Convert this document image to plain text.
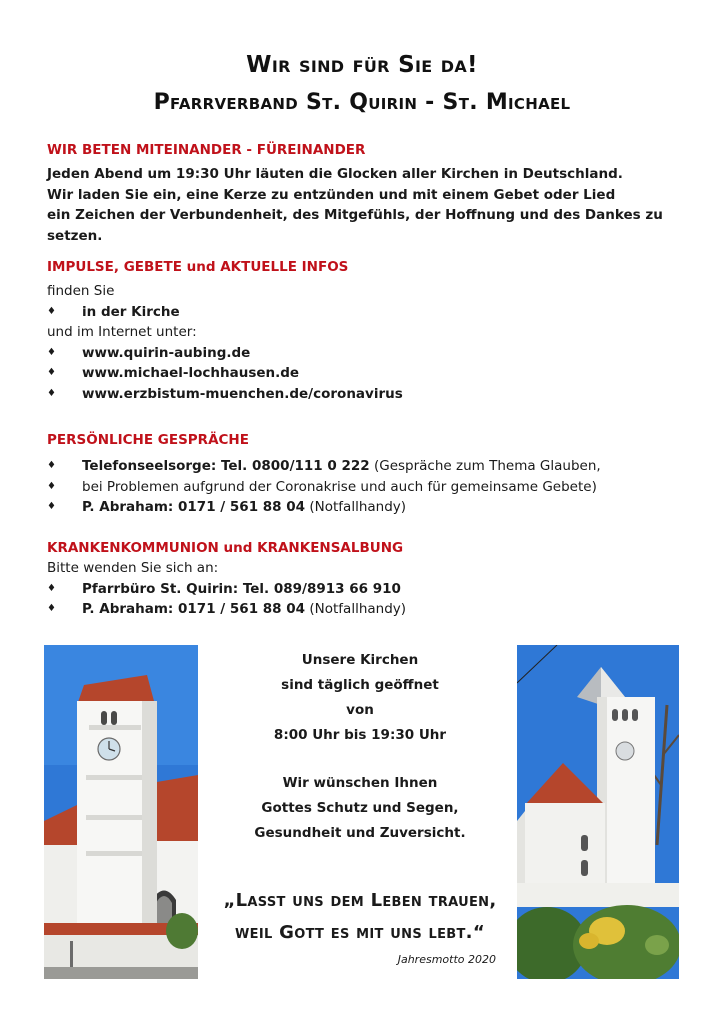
Wir sind für Sie da!
Pfarrverband St. Quirin - St. Michael
WIR BETEN MITEINANDER - FÜREINANDER
Jeden Abend um 19:30 Uhr läuten die Glocken aller Kirchen in Deutschland.
Wir laden Sie ein, eine Kerze zu entzünden und mit einem Gebet oder Lied
ein Zeichen der Verbundenheit, des Mitgefühls, der Hoffnung und des Dankes zu setzen.
IMPULSE, GEBETE und AKTUELLE INFOS
finden Sie
♦ in der Kirche
und im Internet unter:
♦ www.quirin-aubing.de
♦ www.michael-lochhausen.de
♦ www.erzbistum-muenchen.de/coronavirus
PERSÖNLICHE GESPRÄCHE
♦ Telefonseelsorge: Tel. 0800/111 0 222 (Gespräche zum Thema Glauben,
♦ bei Problemen aufgrund der Coronakrise und auch für gemeinsame Gebete)
♦ P. Abraham: 0171 / 561 88 04 (Notfallhandy)
KRANKENKOMMUNION und KRANKENSALBUNG
Bitte wenden Sie sich an:
♦ Pfarrbüro St. Quirin: Tel. 089/8913 66 910
♦ P. Abraham: 0171 / 561 88 04 (Notfallhandy)
Unsere Kirchen
sind täglich geöffnet
von
8:00 Uhr bis 19:30 Uhr
Wir wünschen Ihnen
Gottes Schutz und Segen,
Gesundheit und Zuversicht.
„Lasst uns dem Leben trauen,
weil Gott es mit uns lebt.“
Jahresmotto 2020
